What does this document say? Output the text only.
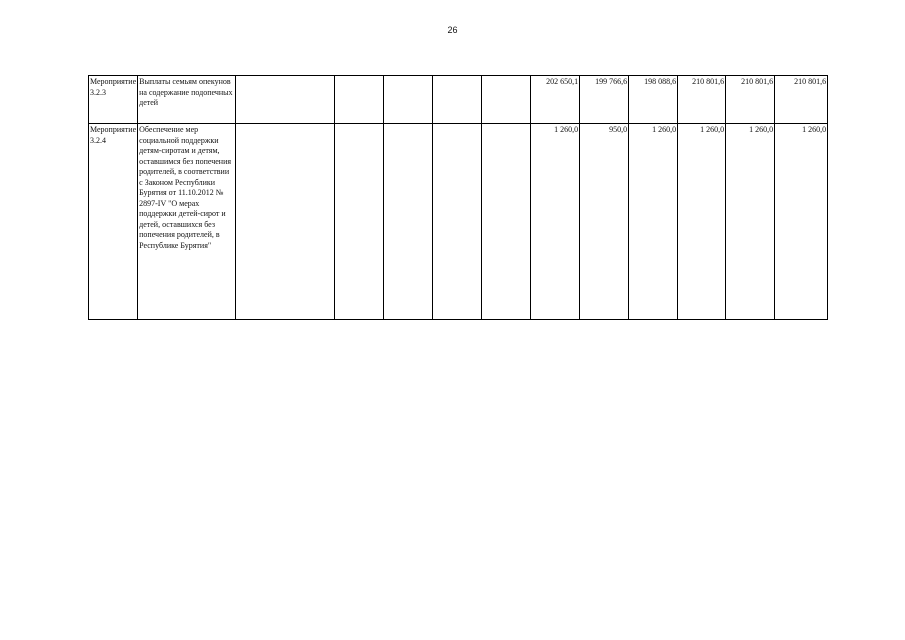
26
Мероприятие 3.2.3	Выплаты семьям опекунов на содержание подопечных детей						202 650,1	199 766,6	198 088,6	210 801,6	210 801,6	210 801,6
Мероприятие 3.2.4	Обеспечение мер социальной поддержки детям-сиротам и детям, оставшимся без попечения родителей, в соответствии с Законом Республики Бурятия от 11.10.2012 № 2897-IV "О мерах поддержки детей-сирот и детей, оставшихся без попечения родителей, в Республике Бурятия"						1 260,0	950,0	1 260,0	1 260,0	1 260,0	1 260,0
